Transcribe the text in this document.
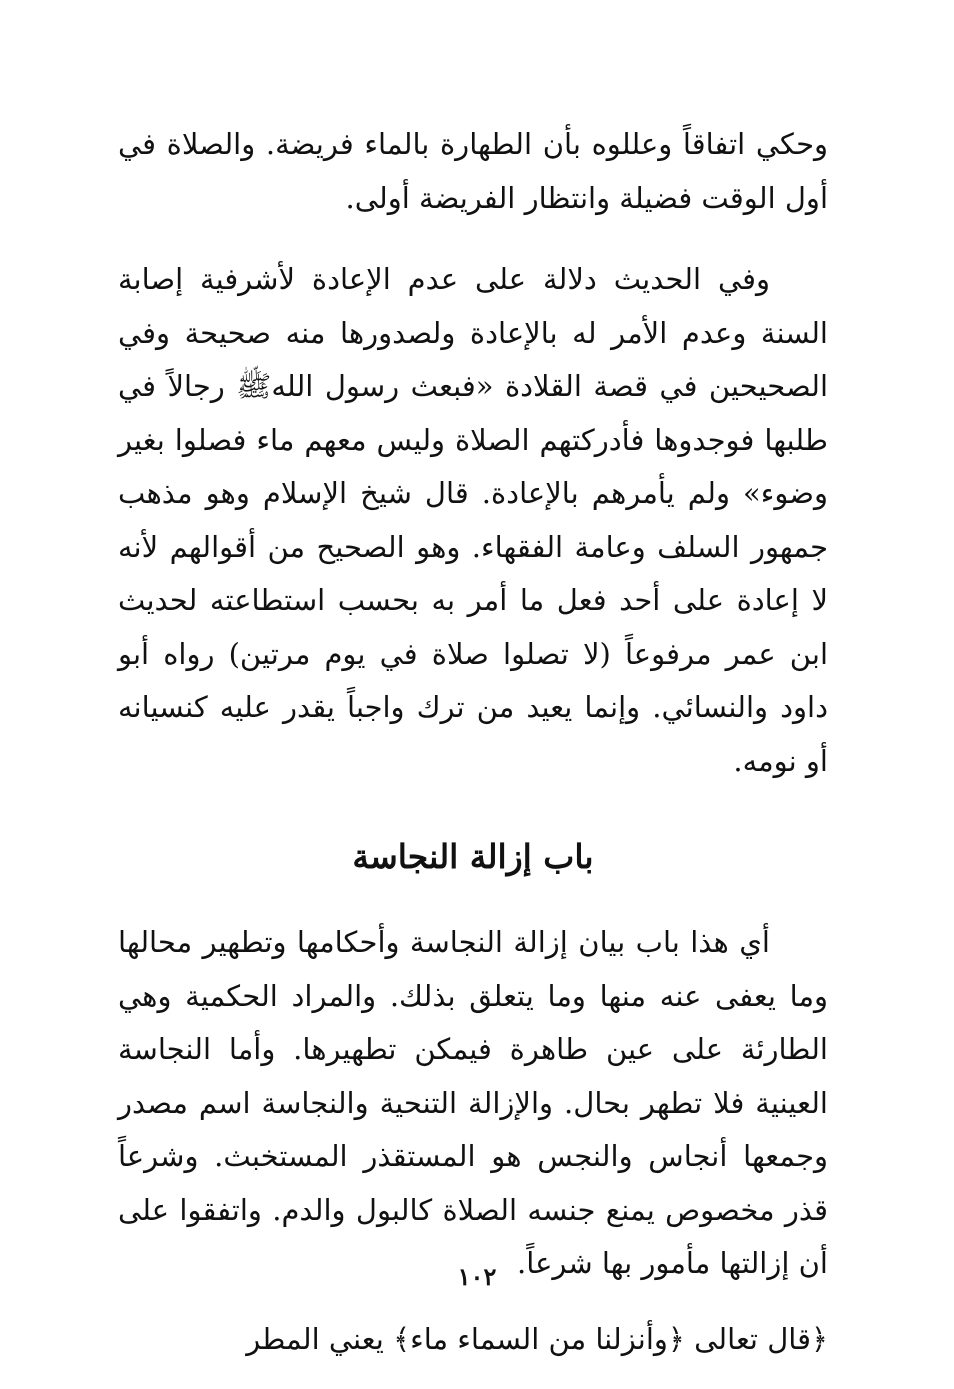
وحكي اتفاقاً وعللوه بأن الطهارة بالماء فريضة. والصلاة في أول الوقت فضيلة وانتظار الفريضة أولى.

وفي الحديث دلالة على عدم الإعادة لأشرفية إصابة السنة وعدم الأمر له بالإعادة ولصدورها منه صحيحة وفي الصحيحين في قصة القلادة «فبعث رسول اللهﷺ رجالاً في طلبها فوجدوها فأدركتهم الصلاة وليس معهم ماء فصلوا بغير وضوء» ولم يأمرهم بالإعادة. قال شيخ الإسلام وهو مذهب جمهور السلف وعامة الفقهاء. وهو الصحيح من أقوالهم لأنه لا إعادة على أحد فعل ما أمر به بحسب استطاعته لحديث ابن عمر مرفوعاً (لا تصلوا صلاة في يوم مرتين) رواه أبو داود والنسائي. وإنما يعيد من ترك واجباً يقدر عليه كنسيانه أو نومه.

باب إزالة النجاسة

أي هذا باب بيان إزالة النجاسة وأحكامها وتطهير محالها وما يعفى عنه منها وما يتعلق بذلك. والمراد الحكمية وهي الطارئة على عين طاهرة فيمكن تطهيرها. وأما النجاسة العينية فلا تطهر بحال. والإزالة التنحية والنجاسة اسم مصدر وجمعها أنجاس والنجس هو المستقذر المستخبث. وشرعاً قذر مخصوص يمنع جنسه الصلاة كالبول والدم. واتفقوا على أن إزالتها مأمور بها شرعاً.

﴿قال تعالى ﴿وأنزلنا من السماء ماء﴾ يعني المطر

١٠٢
